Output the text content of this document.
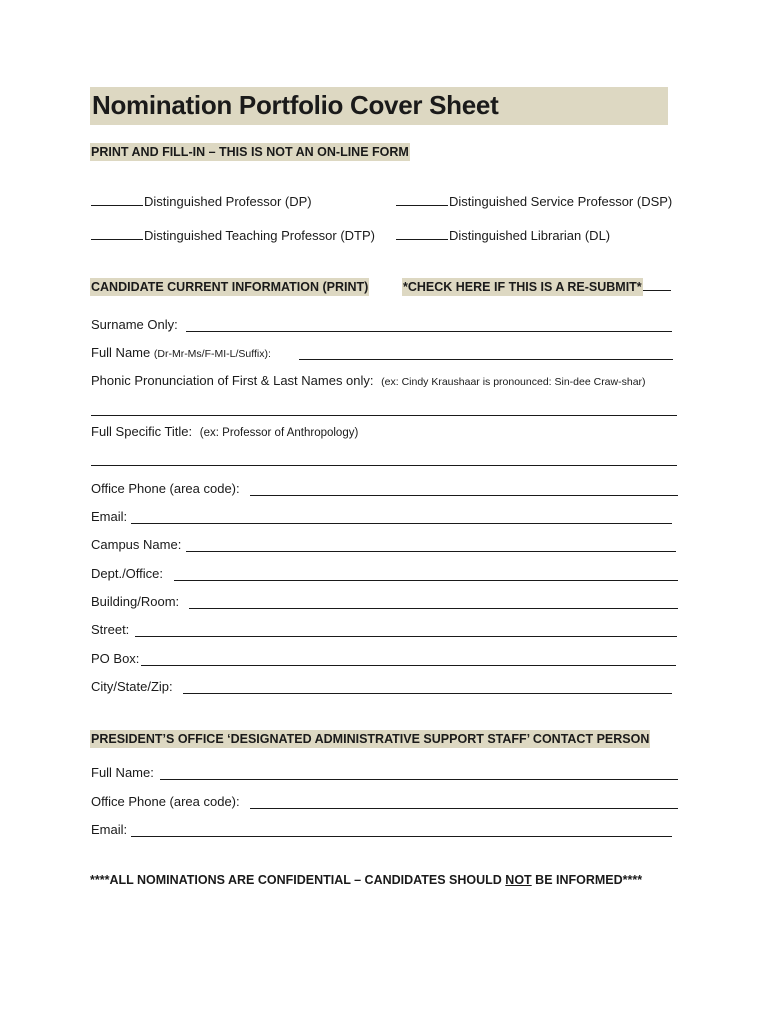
Nomination Portfolio Cover Sheet
PRINT AND FILL-IN – THIS IS NOT AN ON-LINE FORM
Distinguished Professor (DP)	Distinguished Service Professor (DSP)
Distinguished Teaching Professor (DTP)	Distinguished Librarian (DL)
CANDIDATE CURRENT INFORMATION (PRINT)	*CHECK HERE IF THIS IS A RE-SUBMIT*
Surname Only:
Full Name (Dr-Mr-Ms/F-MI-L/Suffix):
Phonic Pronunciation of First & Last Names only: (ex: Cindy Kraushaar is pronounced: Sin-dee Craw-shar)
Full Specific Title: (ex: Professor of Anthropology)
Office Phone (area code):
Email:
Campus Name:
Dept./Office:
Building/Room:
Street:
PO Box:
City/State/Zip:
PRESIDENT’S OFFICE ‘DESIGNATED ADMINISTRATIVE SUPPORT STAFF’ CONTACT PERSON
Full Name:
Office Phone (area code):
Email:
****ALL NOMINATIONS ARE CONFIDENTIAL – CANDIDATES SHOULD NOT BE INFORMED****
